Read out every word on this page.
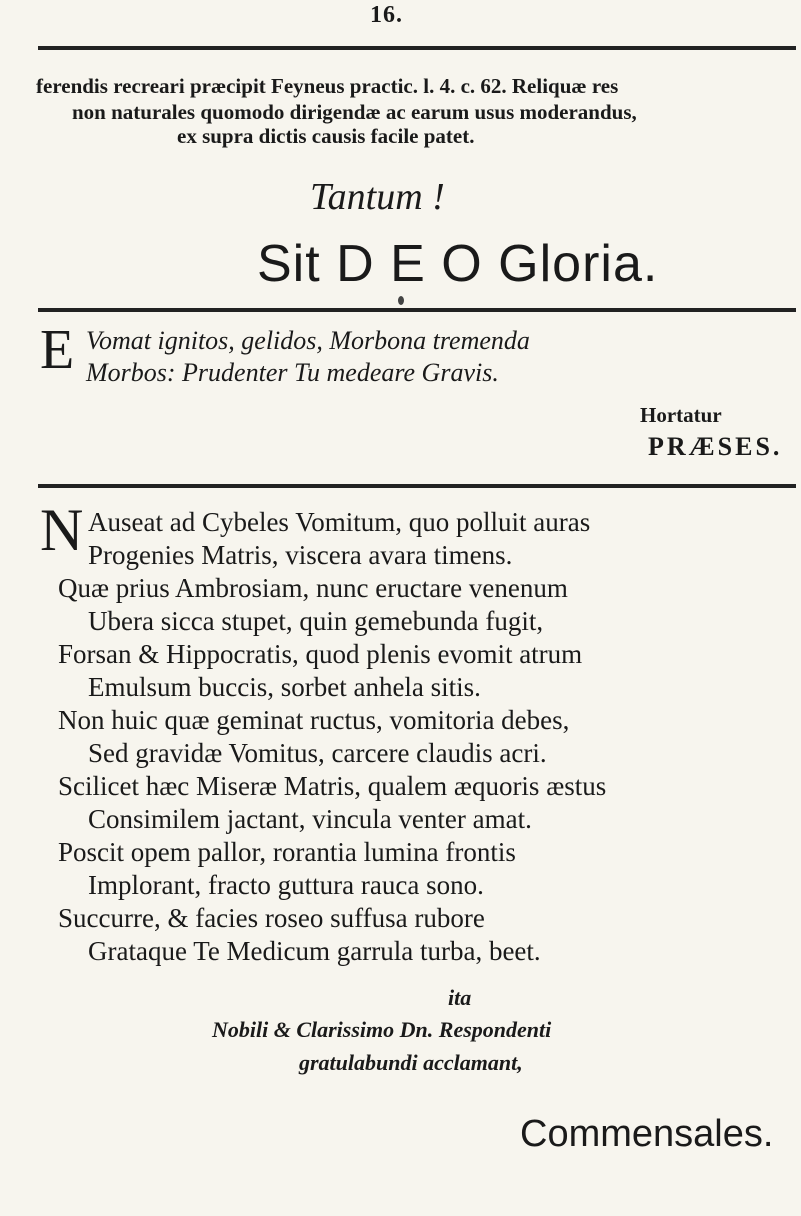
16.
ferendis recreari præcipit Feyneus practic. l. 4. c. 62. Reliquæ res
non naturales quomodo dirigendæ ac earum usus moderandus,
ex supra dictis causis facile patet.
Tantum !
Sit D E O Gloria.
E Vomat ignitos, gelidos, Morbona tremenda
Morbos: Prudenter Tu medeare Gravis.
Hortatur
PRÆSES.
N Auseat ad Cybeles Vomitum, quo polluit auras
Progenies Matris, viscera avara timens.
Quæ prius Ambrosiam, nunc eructare venenum
Ubera sicca stupet, quin gemebunda fugit,
Forsan & Hippocratis, quod plenis evomit atrum
Emulsum buccis, sorbet anhela sitis.
Non huic quæ geminat ructus, vomitoria debes,
Sed gravidæ Vomitus, carcere claudis acri.
Scilicet hæc Miseræ Matris, qualem æquoris æstus
Consimilem jactant, vincula venter amat.
Poscit opem pallor, rorantia lumina frontis
Implorant, fracto guttura rauca sono.
Succurre, & facies roseo suffusa rubore
Grataque Te Medicum garrula turba, beet.
ita
Nobili & Clarissimo Dn. Respondenti
gratulabundi acclamant,
Commensales.
